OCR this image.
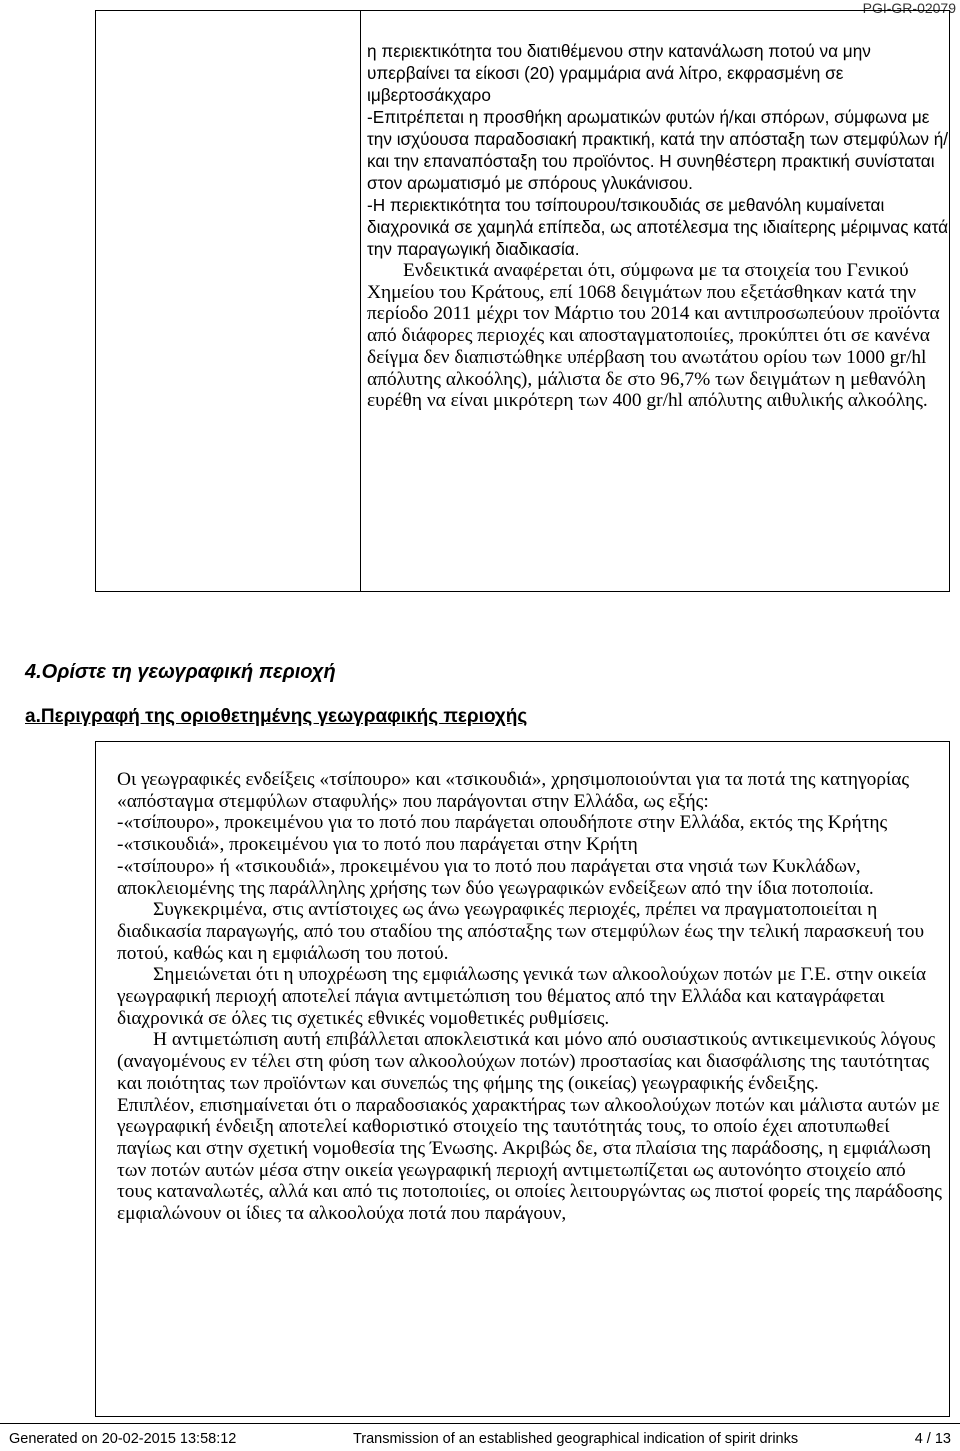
PGI-GR-02079

η περιεκτικότητα του διατιθέμενου στην κατανάλωση ποτού να μην υπερβαίνει τα είκοσι (20) γραμμάρια ανά λίτρο, εκφρασμένη σε ιμβερτοσάκχαρο

-Επιτρέπεται η προσθήκη αρωματικών φυτών ή/και σπόρων, σύμφωνα με την ισχύουσα παραδοσιακή πρακτική, κατά την απόσταξη των στεμφύλων ή/και την επαναπόσταξη του προϊόντος. Η συνηθέστερη πρακτική συνίσταται στον αρωματισμό με σπόρους γλυκάνισου.

-Η περιεκτικότητα του τσίπουρου/τσικουδιάς σε μεθανόλη κυμαίνεται διαχρονικά σε χαμηλά επίπεδα, ως αποτέλεσμα της ιδιαίτερης μέριμνας κατά την παραγωγική διαδικασία.

Ενδεικτικά αναφέρεται ότι, σύμφωνα με τα στοιχεία του Γενικού Χημείου του Κράτους, επί 1068 δειγμάτων που εξετάσθηκαν κατά την περίοδο 2011 μέχρι τον Μάρτιο του 2014 και αντιπροσωπεύουν προϊόντα από διάφορες περιοχές και αποσταγματοποιίες, προκύπτει ότι σε κανένα δείγμα δεν διαπιστώθηκε υπέρβαση του ανωτάτου ορίου των 1000 gr/hl απόλυτης αλκοόλης), μάλιστα δε στο 96,7% των δειγμάτων η μεθανόλη ευρέθη να είναι μικρότερη των 400 gr/hl απόλυτης αιθυλικής αλκοόλης.

4.Ορίστε τη γεωγραφική περιοχή
a.Περιγραφή της οριοθετημένης γεωγραφικής περιοχής

Οι γεωγραφικές ενδείξεις «τσίπουρο» και «τσικουδιά», χρησιμοποιούνται για τα ποτά της κατηγορίας «απόσταγμα στεμφύλων σταφυλής» που παράγονται στην Ελλάδα, ως εξής:

-«τσίπουρο», προκειμένου για το ποτό που παράγεται οπουδήποτε στην Ελλάδα, εκτός της Κρήτης

-«τσικουδιά», προκειμένου για το ποτό που παράγεται στην Κρήτη

-«τσίπουρο» ή «τσικουδιά», προκειμένου για το ποτό που παράγεται στα νησιά των Κυκλάδων, αποκλειομένης της παράλληλης χρήσης των δύο γεωγραφικών ενδείξεων από την ίδια ποτοποιία.

Συγκεκριμένα, στις αντίστοιχες ως άνω γεωγραφικές περιοχές, πρέπει να πραγματοποιείται η διαδικασία παραγωγής, από του σταδίου της απόσταξης των στεμφύλων έως την τελική παρασκευή του ποτού, καθώς και η εμφιάλωση του ποτού.

Σημειώνεται ότι η υποχρέωση της εμφιάλωσης γενικά των αλκοολούχων ποτών με Γ.Ε. στην οικεία γεωγραφική περιοχή αποτελεί πάγια αντιμετώπιση του θέματος από την Ελλάδα και καταγράφεται διαχρονικά σε όλες τις σχετικές εθνικές νομοθετικές ρυθμίσεις.

Η αντιμετώπιση αυτή επιβάλλεται αποκλειστικά και μόνο από ουσιαστικούς αντικειμενικούς λόγους (αναγομένους εν τέλει στη φύση των αλκοολούχων ποτών) προστασίας και διασφάλισης της ταυτότητας και ποιότητας των προϊόντων και συνεπώς της φήμης της (οικείας) γεωγραφικής ένδειξης.

Επιπλέον, επισημαίνεται ότι ο παραδοσιακός χαρακτήρας των αλκοολούχων ποτών και μάλιστα αυτών με γεωγραφική ένδειξη αποτελεί καθοριστικό στοιχείο της ταυτότητάς τους, το οποίο έχει αποτυπωθεί παγίως και στην σχετική νομοθεσία της Ένωσης. Ακριβώς δε, στα πλαίσια της παράδοσης, η εμφιάλωση των ποτών αυτών μέσα στην οικεία γεωγραφική περιοχή αντιμετωπίζεται ως αυτονόητο στοιχείο από τους καταναλωτές, αλλά και από τις ποτοποιίες, οι οποίες λειτουργώντας ως πιστοί φορείς της παράδοσης εμφιαλώνουν οι ίδιες τα αλκοολούχα ποτά που παράγουν,

Generated on 20-02-2015 13:58:12	Transmission of an established geographical indication of spirit drinks	4 / 13
